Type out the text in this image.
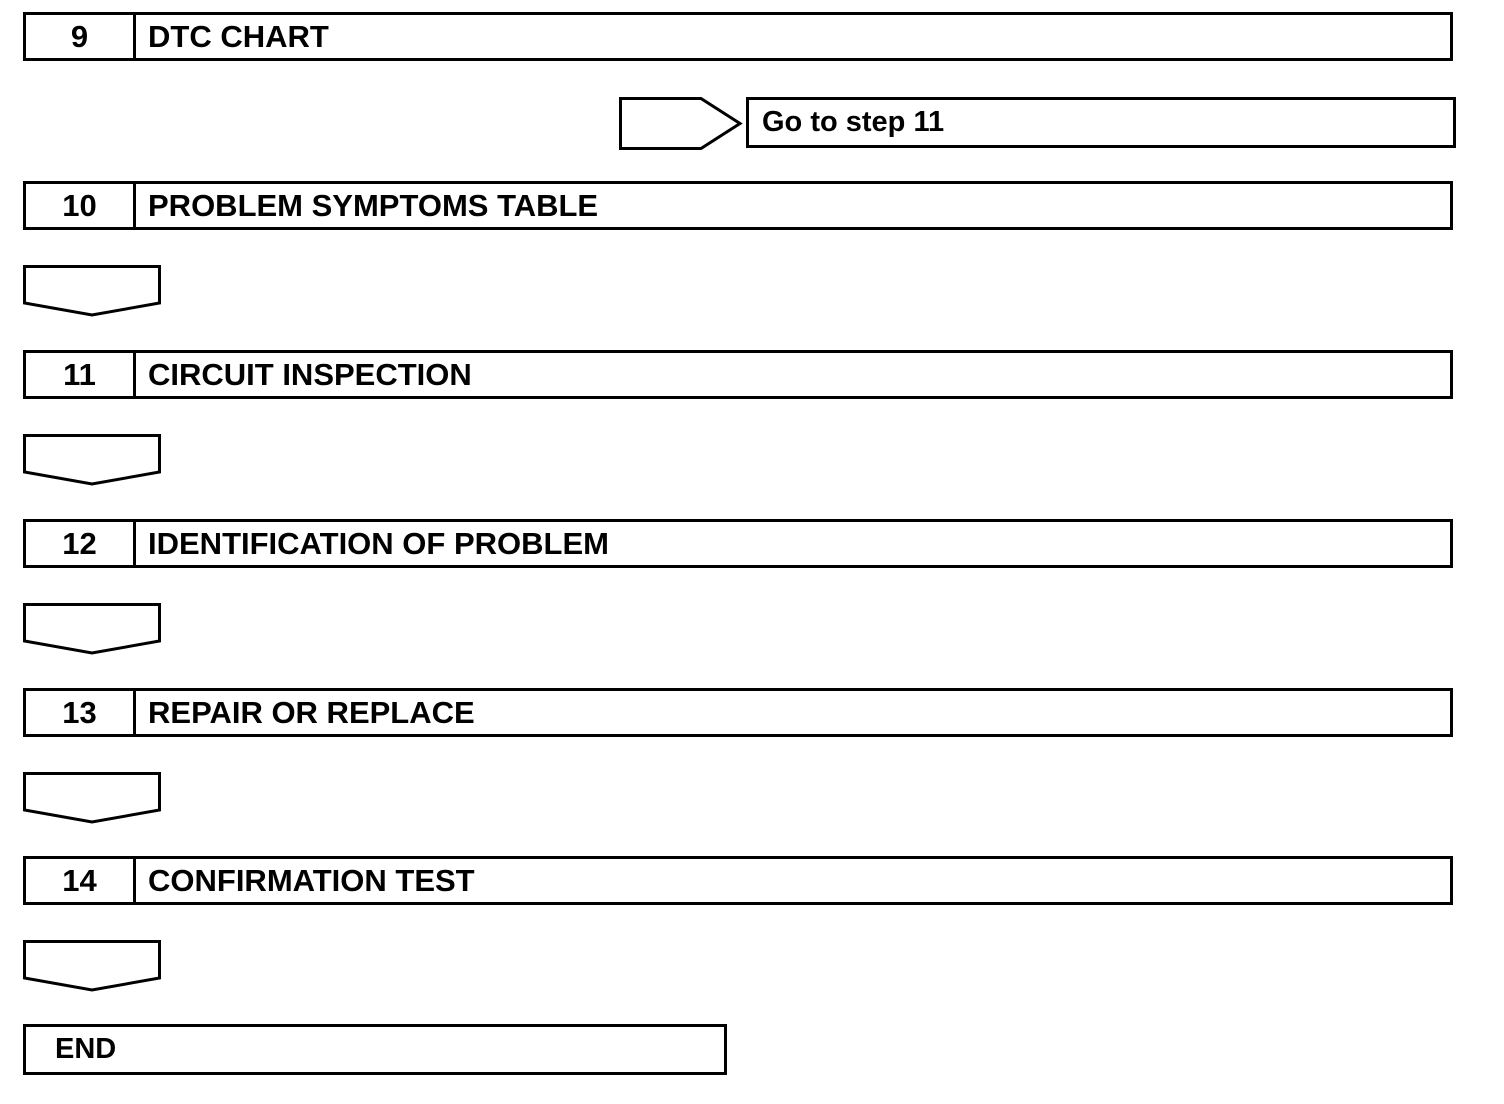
9	DTC CHART
Go to step 11
10	PROBLEM SYMPTOMS TABLE
11	CIRCUIT INSPECTION
12	IDENTIFICATION OF PROBLEM
13	REPAIR OR REPLACE
14	CONFIRMATION TEST
END
